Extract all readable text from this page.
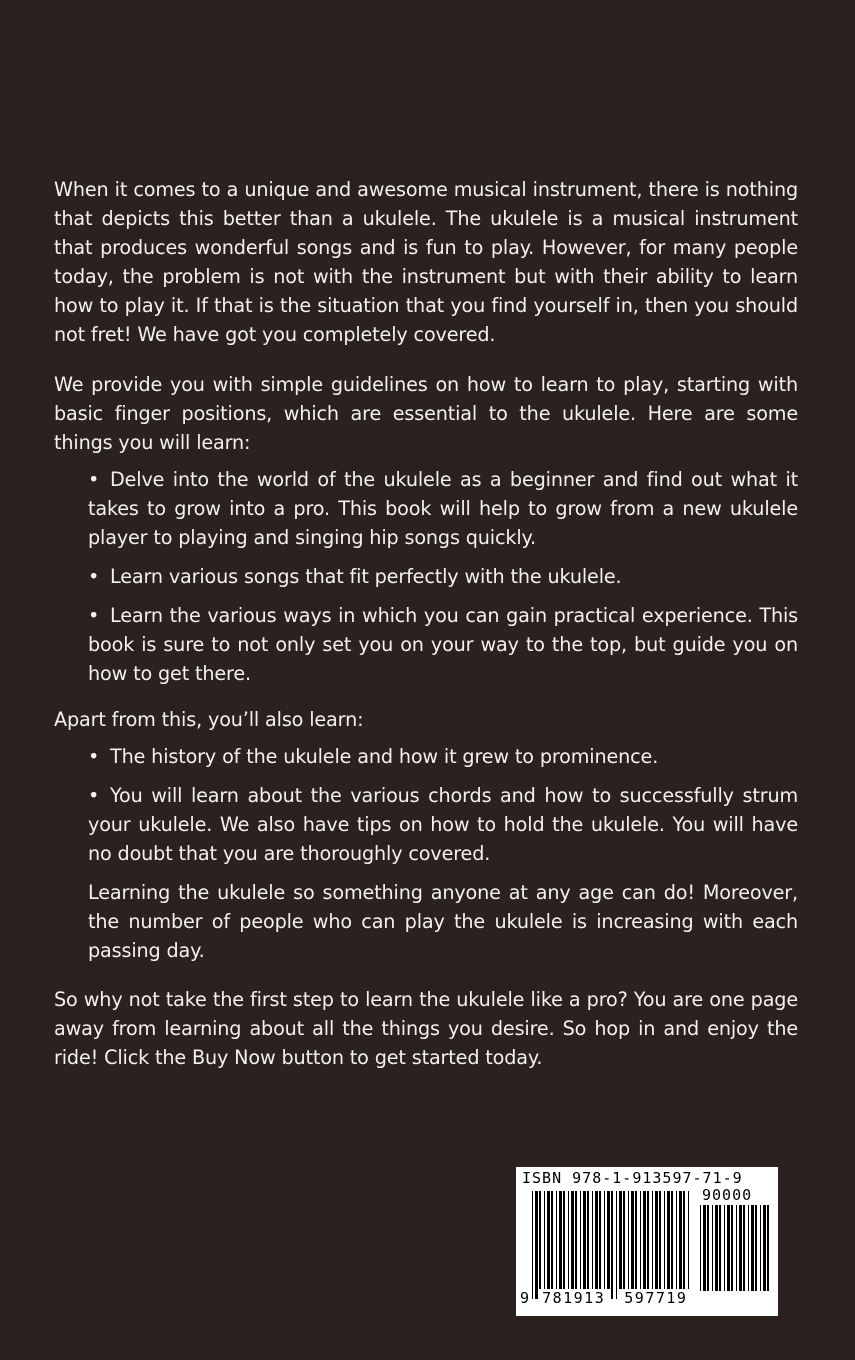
When it comes to a unique and awesome musical instrument, there is nothing that depicts this better than a ukulele. The ukulele is a musical instrument that produces wonderful songs and is fun to play. However, for many people today, the problem is not with the instrument but with their ability to learn how to play it. If that is the situation that you find yourself in, then you should not fret! We have got you completely covered.

We provide you with simple guidelines on how to learn to play, starting with basic finger positions, which are essential to the ukulele. Here are some things you will learn:

• Delve into the world of the ukulele as a beginner and find out what it takes to grow into a pro. This book will help to grow from a new ukulele player to playing and singing hip songs quickly.
• Learn various songs that fit perfectly with the ukulele.
• Learn the various ways in which you can gain practical experience. This book is sure to not only set you on your way to the top, but guide you on how to get there.

Apart from this, you’ll also learn:

• The history of the ukulele and how it grew to prominence.
• You will learn about the various chords and how to successfully strum your ukulele. We also have tips on how to hold the ukulele. You will have no doubt that you are thoroughly covered.

Learning the ukulele so something anyone at any age can do! Moreover, the number of people who can play the ukulele is increasing with each passing day.

So why not take the first step to learn the ukulele like a pro? You are one page away from learning about all the things you desire. So hop in and enjoy the ride! Click the Buy Now button to get started today.

ISBN 978-1-913597-71-9
90000
9 781913 597719
